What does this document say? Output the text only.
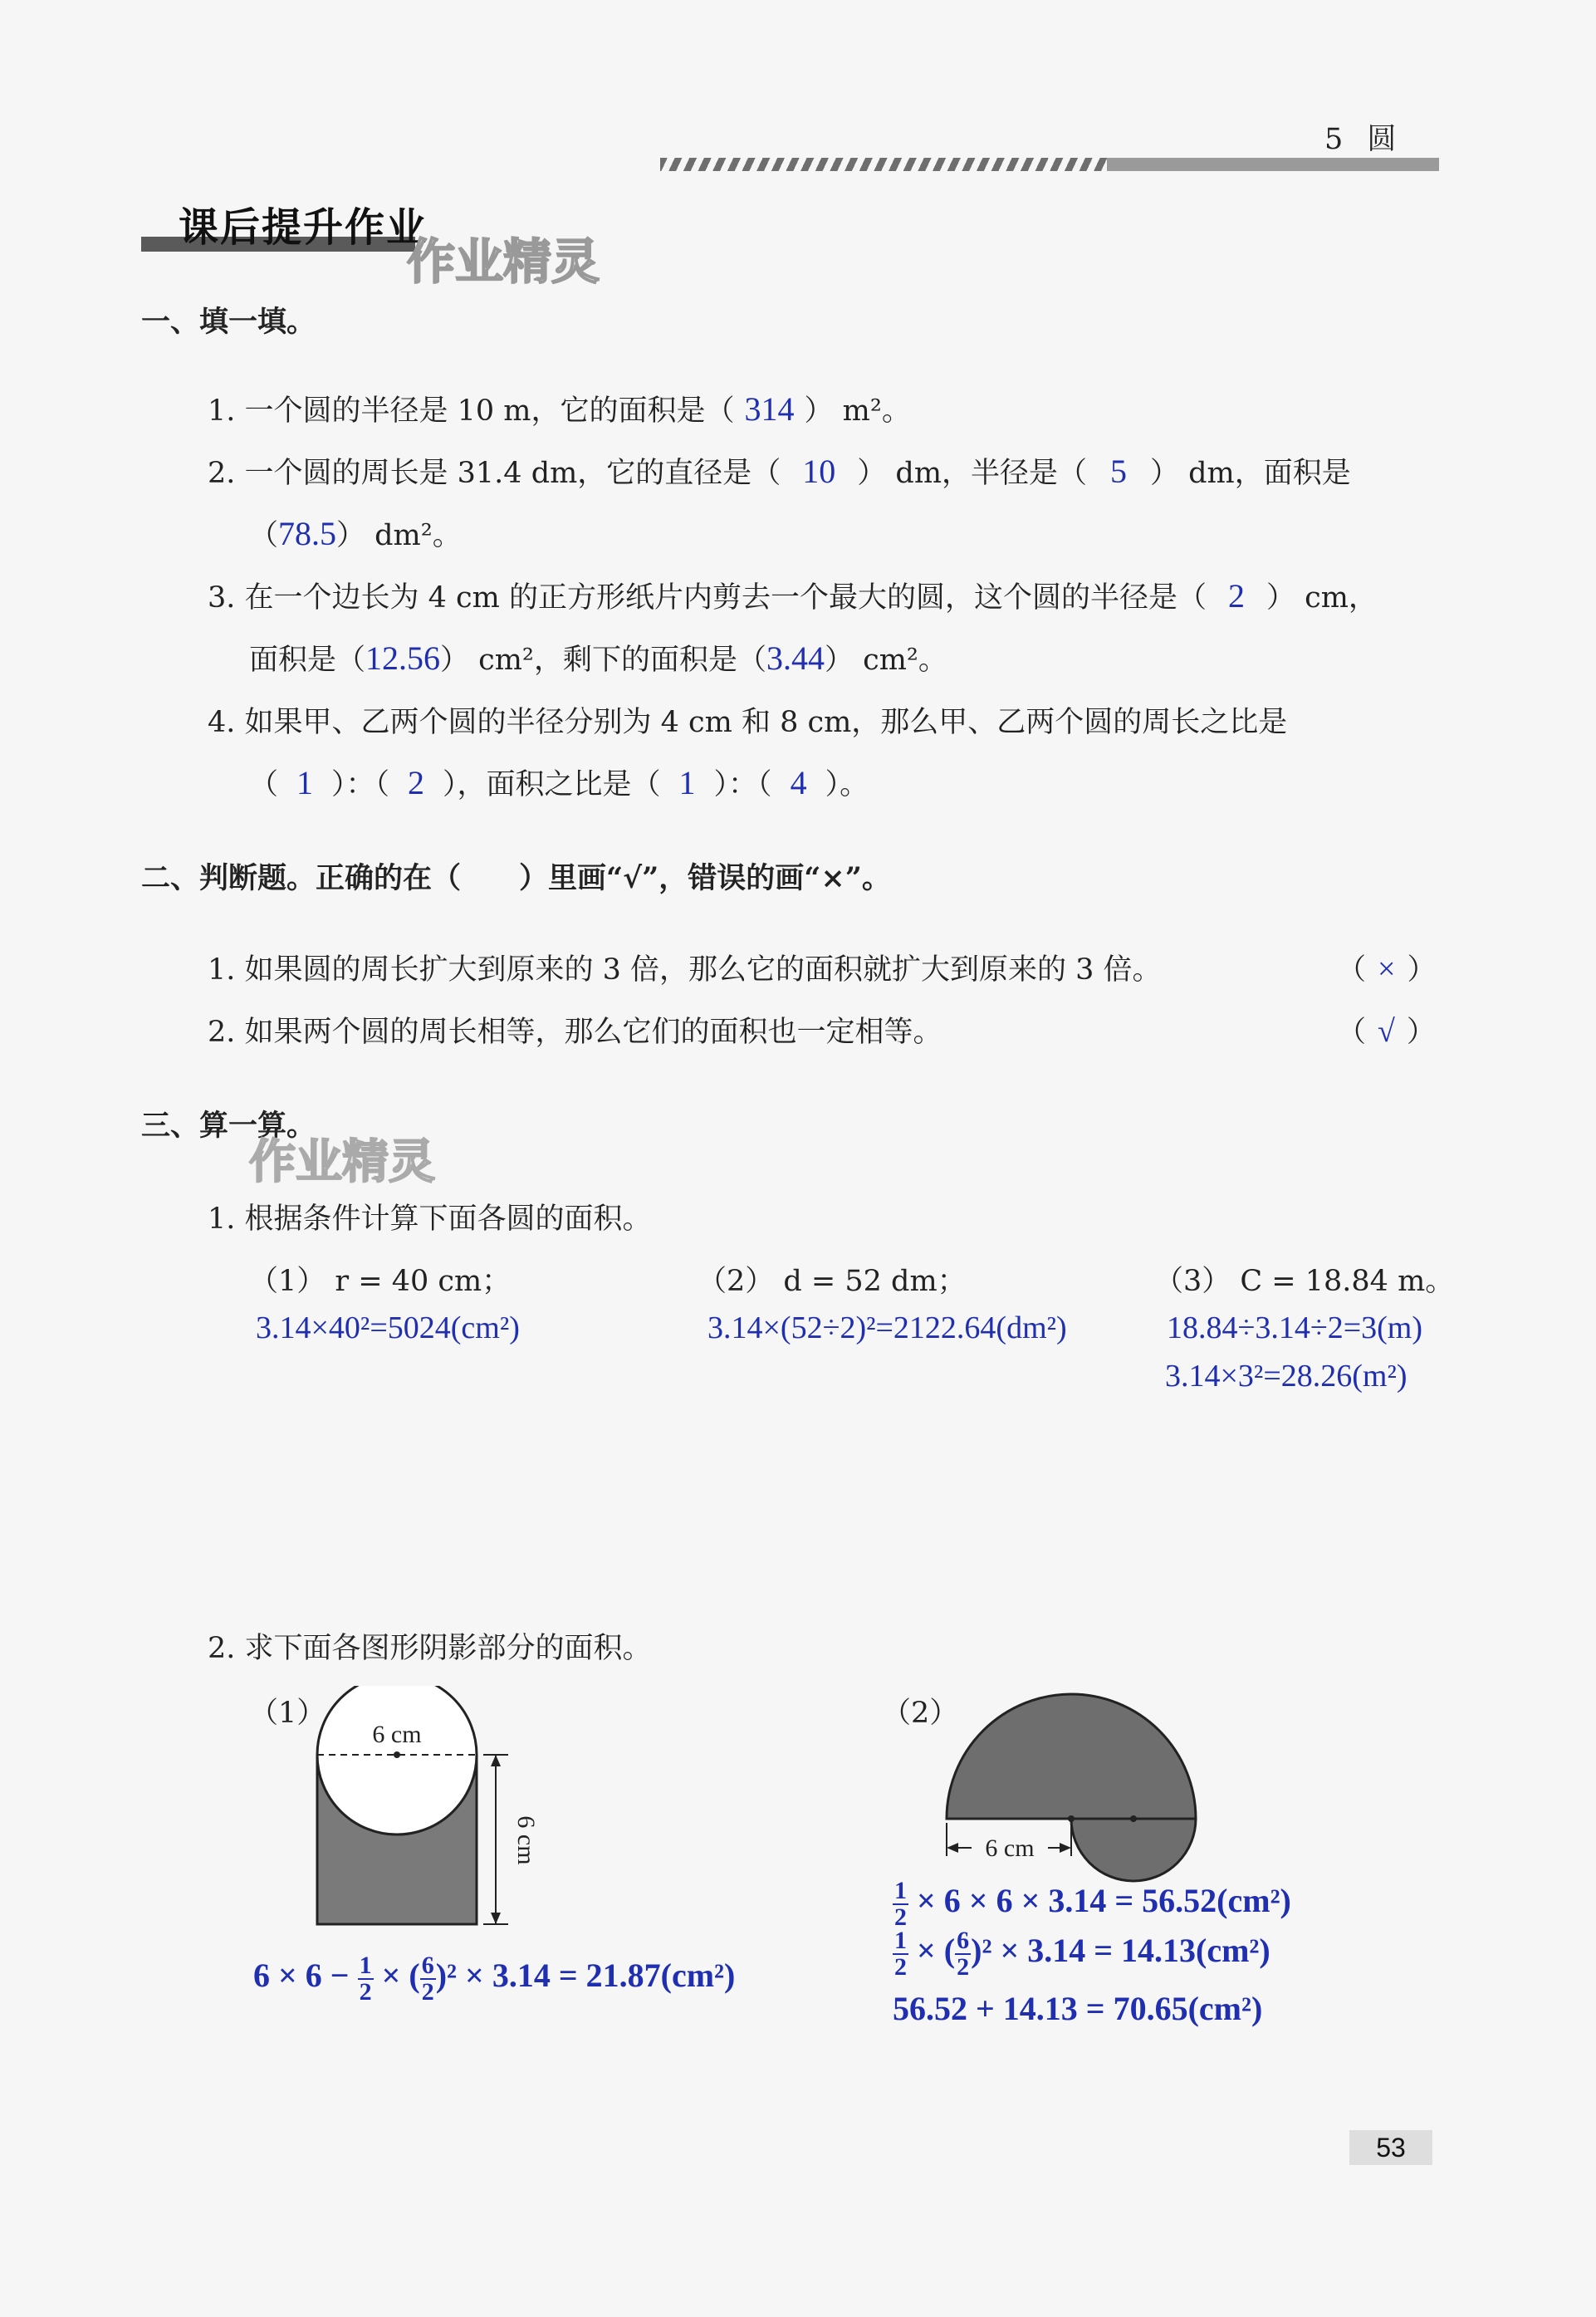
5 圆
课后提升作业
作业精灵
一、填一填。
1. 一个圆的半径是 10 m，它的面积是（ 314 ） m²。
2. 一个圆的周长是 31.4 dm，它的直径是（ 10 ） dm，半径是（ 5 ） dm，面积是
（78.5） dm²。
3. 在一个边长为 4 cm 的正方形纸片内剪去一个最大的圆，这个圆的半径是（ 2 ） cm，
面积是（12.56） cm²，剩下的面积是（3.44） cm²。
4. 如果甲、乙两个圆的半径分别为 4 cm 和 8 cm，那么甲、乙两个圆的周长之比是
（ 1 ）：（ 2 ），面积之比是（ 1 ）：（ 4 ）。
二、判断题。正确的在（　　）里画“√”，错误的画“×”。
1. 如果圆的周长扩大到原来的 3 倍，那么它的面积就扩大到原来的 3 倍。	（ × ）
2. 如果两个圆的周长相等，那么它们的面积也一定相等。	（ √ ）
三、算一算。
作业精灵
1. 根据条件计算下面各圆的面积。
（1） r = 40 cm；	（2） d = 52 dm；	（3） C = 18.84 m。
3.14×40²=5024(cm²)	3.14×(52÷2)²=2122.64(dm²)	18.84÷3.14÷2=3(m)
3.14×3²=28.26(m²)
2. 求下面各图形阴影部分的面积。
（1）	（2）
6 cm
6 cm	6 cm
$6 \times 6 - \frac{1}{2}$ × ( $\frac{6}{2} )^2 \times 3.14 = 21.87(cm^2)$
$\frac{1}{2} \times 6 \times 6 \times 3.14 = 56.52(cm^2)$
$\frac{1}{2}$ × ( $\frac{6}{2} )^2 \times 3.14 = 14.13(cm^2)$
56.52 + 14.13 = 70.65(cm²)
53
